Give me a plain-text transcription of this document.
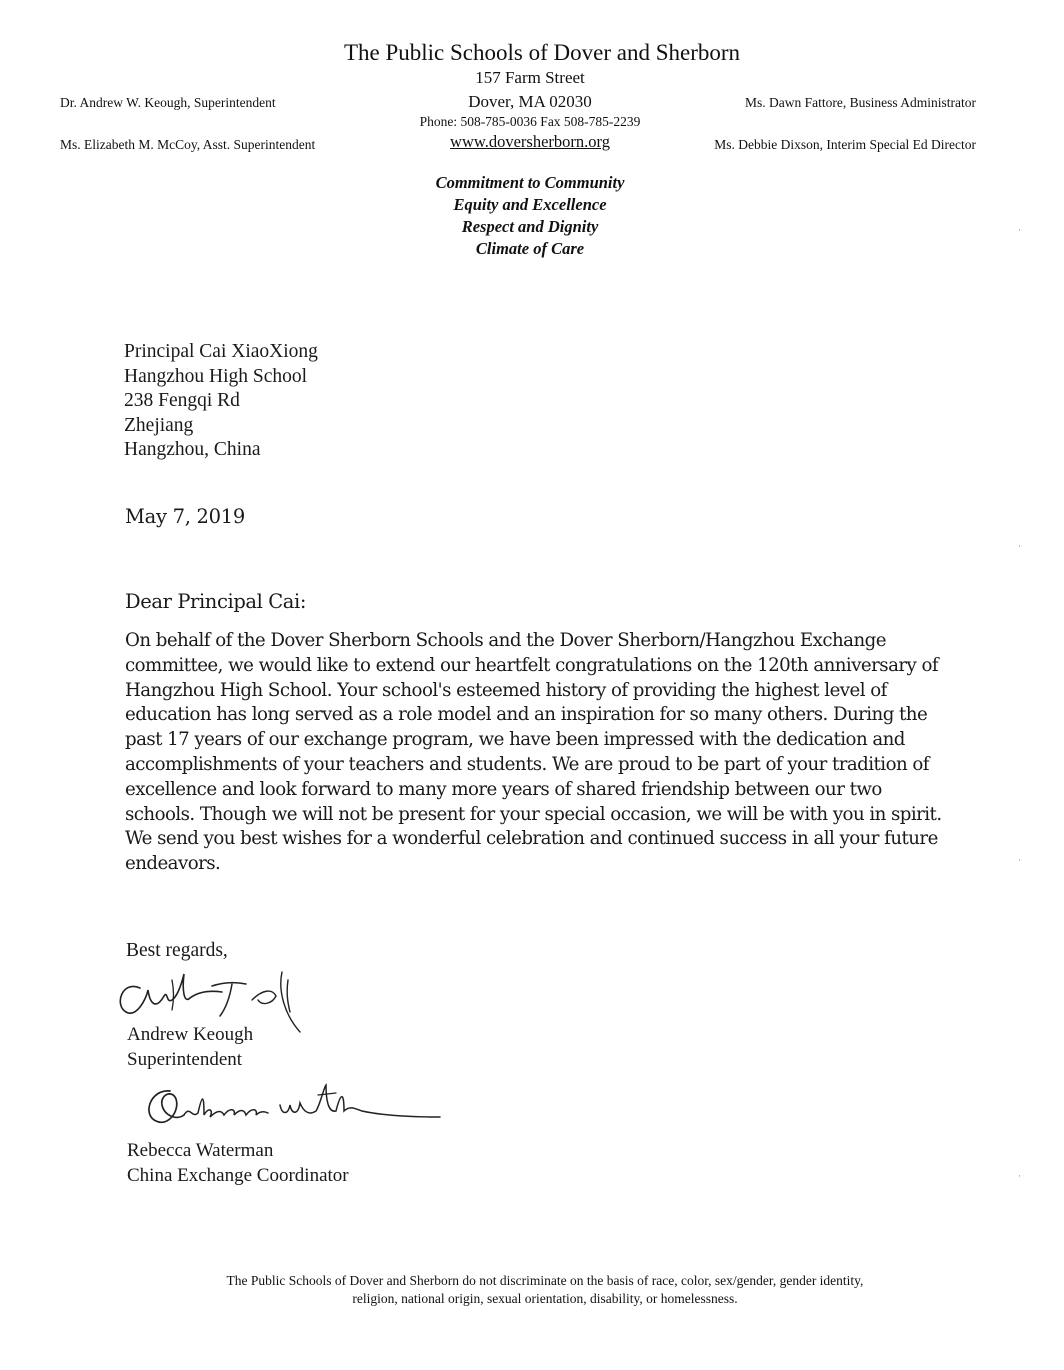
The Public Schools of Dover and Sherborn
157 Farm Street
Dover, MA 02030
Phone: 508-785-0036 Fax 508-785-2239
www.doversherborn.org
Dr. Andrew W. Keough, Superintendent
Ms. Elizabeth M. McCoy, Asst. Superintendent
Ms. Dawn Fattore, Business Administrator
Ms. Debbie Dixson, Interim Special Ed Director
Commitment to Community
Equity and Excellence
Respect and Dignity
Climate of Care
Principal Cai XiaoXiong
Hangzhou High School
238 Fengqi Rd
Zhejiang
Hangzhou, China
May 7, 2019
Dear Principal Cai:
On behalf of the Dover Sherborn Schools and the Dover Sherborn/Hangzhou Exchange
committee, we would like to extend our heartfelt congratulations on the 120th anniversary of
Hangzhou High School. Your school's esteemed history of providing the highest level of
education has long served as a role model and an inspiration for so many others. During the
past 17 years of our exchange program, we have been impressed with the dedication and
accomplishments of your teachers and students. We are proud to be part of your tradition of
excellence and look forward to many more years of shared friendship between our two
schools. Though we will not be present for your special occasion, we will be with you in spirit.
We send you best wishes for a wonderful celebration and continued success in all your future
endeavors.
Best regards,
Andrew Keough
Superintendent
Rebecca Waterman
China Exchange Coordinator
The Public Schools of Dover and Sherborn do not discriminate on the basis of race, color, sex/gender, gender identity,
religion, national origin, sexual orientation, disability, or homelessness.
·
·
·
·
